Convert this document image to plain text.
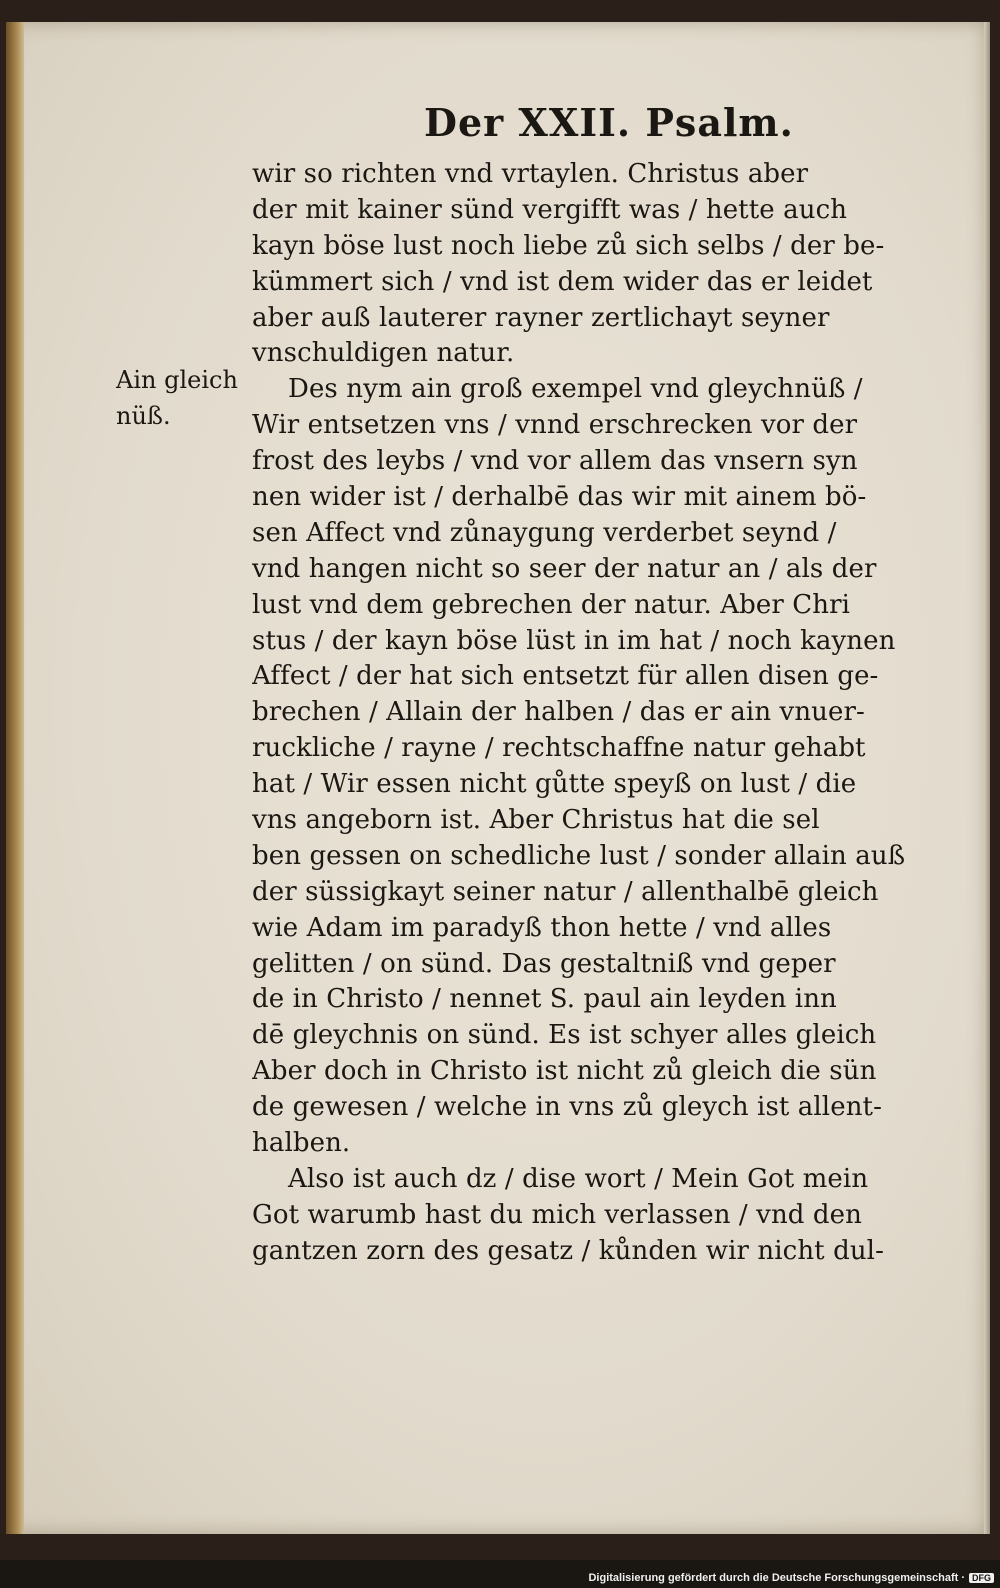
Der XXII. Psalm.
Ain gleich
nüß.
wir so richten vnd vrtaylen. Christus aber
der mit kainer sünd vergifft was / hette auch
kayn böse lust noch liebe zů sich selbs / der be-
kümmert sich / vnd ist dem wider das er leidet
aber auß lauterer rayner zertlichayt seyner
vnschuldigen natur.
Des nym ain groß exempel vnd gleychnüß /
Wir entsetzen vns / vnnd erschrecken vor der
frost des leybs / vnd vor allem das vnsern syn
nen wider ist / derhalbē das wir mit ainem bö-
sen Affect vnd zůnaygung verderbet seynd /
vnd hangen nicht so seer der natur an / als der
lust vnd dem gebrechen der natur. Aber Chri
stus / der kayn böse lüst in im hat / noch kaynen
Affect / der hat sich entsetzt für allen disen ge-
brechen / Allain der halben / das er ain vnuer-
ruckliche / rayne / rechtschaffne natur gehabt
hat / Wir essen nicht gůtte speyß on lust / die
vns angeborn ist. Aber Christus hat die sel
ben gessen on schedliche lust / sonder allain auß
der süssigkayt seiner natur / allenthalbē gleich
wie Adam im paradyß thon hette / vnd alles
gelitten / on sünd. Das gestaltniß vnd geper
de in Christo / nennet S. paul ain leyden inn
dē gleychnis on sünd. Es ist schyer alles gleich
Aber doch in Christo ist nicht zů gleich die sün
de gewesen / welche in vns zů gleych ist allent-
halben.
Also ist auch dz / dise wort / Mein Got mein
Got warumb hast du mich verlassen / vnd den
gantzen zorn des gesatz / kůnden wir nicht dul-
Digitalisierung gefördert durch die Deutsche Forschungsgemeinschaft · DFG
